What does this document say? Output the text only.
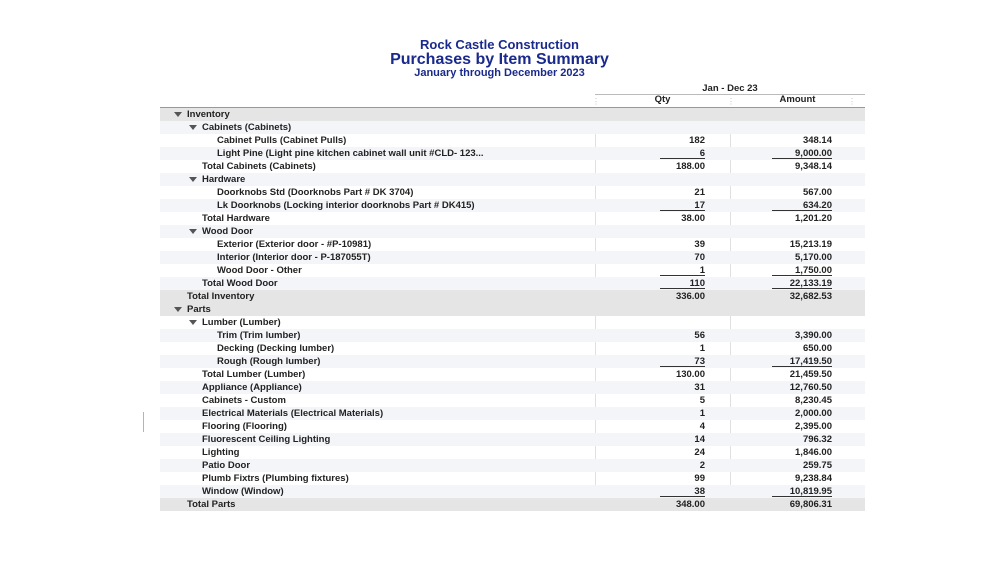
Rock Castle Construction
Purchases by Item Summary
January through December 2023
Jan - Dec 23
⋮	Qty	⋮	Amount	⋮
Inventory
Cabinets (Cabinets)
Cabinet Pulls (Cabinet Pulls)	182	348.14
Light Pine (Light pine kitchen cabinet wall unit #CLD- 123...	6	9,000.00
Total Cabinets (Cabinets)	188.00	9,348.14
Hardware
Doorknobs Std (Doorknobs Part # DK 3704)	21	567.00
Lk Doorknobs (Locking interior doorknobs Part # DK415)	17	634.20
Total Hardware	38.00	1,201.20
Wood Door
Exterior (Exterior door - #P-10981)	39	15,213.19
Interior (Interior door - P-187055T)	70	5,170.00
Wood Door - Other	1	1,750.00
Total Wood Door	110	22,133.19
Total Inventory	336.00	32,682.53
Parts
Lumber (Lumber)
Trim (Trim lumber)	56	3,390.00
Decking (Decking lumber)	1	650.00
Rough (Rough lumber)	73	17,419.50
Total Lumber (Lumber)	130.00	21,459.50
Appliance (Appliance)	31	12,760.50
Cabinets - Custom	5	8,230.45
Electrical Materials (Electrical Materials)	1	2,000.00
Flooring (Flooring)	4	2,395.00
Fluorescent Ceiling Lighting	14	796.32
Lighting	24	1,846.00
Patio Door	2	259.75
Plumb Fixtrs (Plumbing fixtures)	99	9,238.84
Window (Window)	38	10,819.95
Total Parts	348.00	69,806.31
